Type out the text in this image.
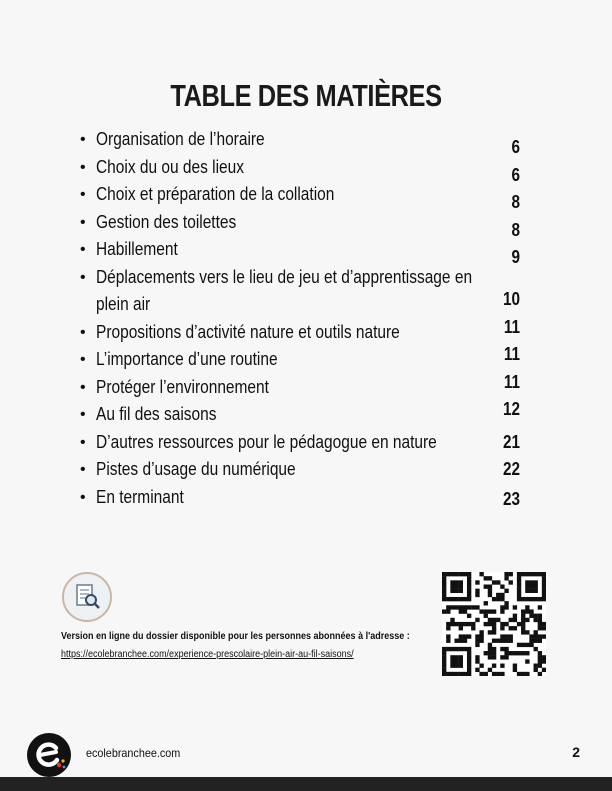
TABLE DES MATIÈRES
• Organisation de l’horaire	6
• Choix du ou des lieux	6
• Choix et préparation de la collation	8
• Gestion des toilettes	8
• Habillement	9
• Déplacements vers le lieu de jeu et d’apprentissage en
plein air	10
• Propositions d’activité nature et outils nature	11
• L’importance d’une routine	11
• Protéger l’environnement	11
• Au fil des saisons	12
• D’autres ressources pour le pédagogue en nature	21
• Pistes d’usage du numérique	22
• En terminant	23
Version en ligne du dossier disponible pour les personnes abonnées à l'adresse :
https://ecolebranchee.com/experience-prescolaire-plein-air-au-fil-saisons/
ecolebranchee.com	2
